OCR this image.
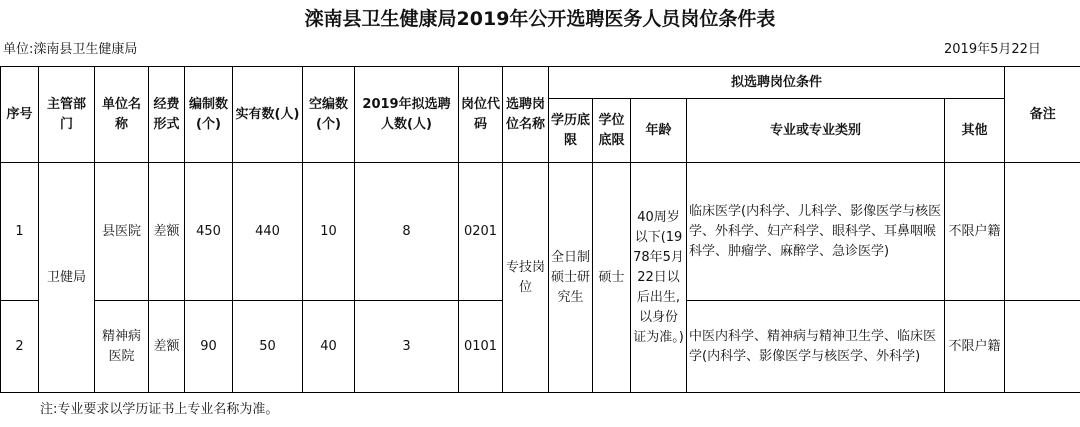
滦南县卫生健康局2019年公开选聘医务人员岗位条件表
单位:滦南县卫生健康局	2019年5月22日
序号	主管部门	单位名称	经费形式	编制数(个)	实有数(人)	空编数(个)	2019年拟选聘人数(人)	岗位代码	选聘岗位名称	拟选聘岗位条件					备注
										学历底限	学位底限	年龄	专业或专业类别	其他	
1	卫健局	县医院	差额	450	440	10	8	0201	专技岗位	全日制硕士研究生	硕士	40周岁以下(1978年5月22日以后出生,以身份证为准。)	临床医学(内科学、儿科学、影像医学与核医学、外科学、妇产科学、眼科学、耳鼻咽喉科学、肿瘤学、麻醉学、急诊医学)	不限户籍	
2		精神病医院	差额	90	50	40	3	0101					中医内科学、精神病与精神卫生学、临床医学(内科学、影像医学与核医学、外科学)	不限户籍	
注:专业要求以学历证书上专业名称为准。
